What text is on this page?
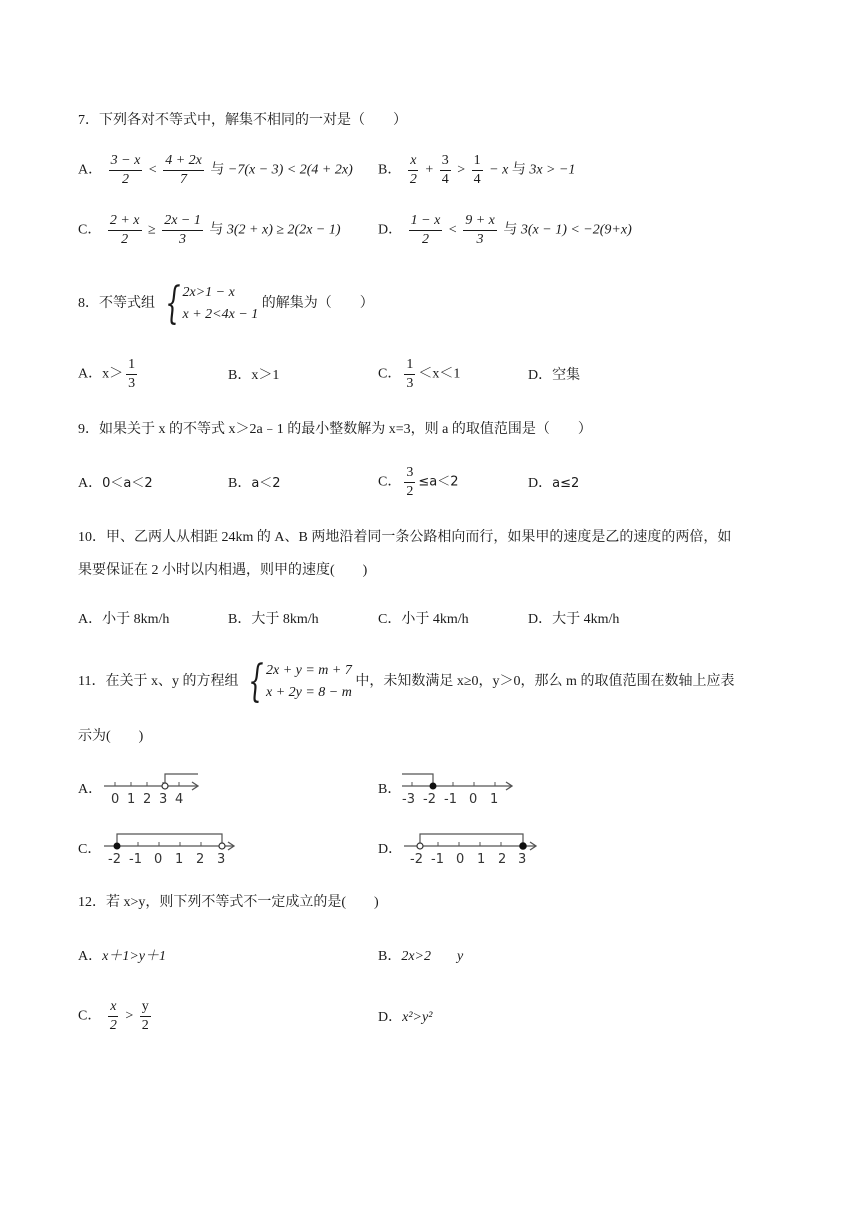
7．下列各对不等式中，解集不相同的一对是（　　）
A． $\frac{3 - x}{2} < \frac{4 + 2x}{7}$ 与 −7(x − 3) < 2(4 + 2x) B． $\frac{x}{2} + \frac{3}{4} > \frac{1}{4} - x$ 与 3x > −1
C． $\frac{2 + x}{2} \ge \frac{2x - 1}{3}$ 与 3(2 + x) ≥ 2(2x − 1)	D． $\frac{1 - x}{2} < \frac{9 + x}{3}$ 与 3(x − 1) < −2(9+x)
8．不等式组 { 2x>1 − x
x + 2<4x − 1
的解集为（　　）
A．$x> \frac{1}{3}$	B．x＞1	C． $\frac{1}{3} <x<1$	D．空集
9．如果关于 x 的不等式 x＞2a﹣1 的最小整数解为 x=3，则 a 的取值范围是（　　）
A．0＜a＜2	B．a＜2	C． $\frac{3}{2} \le a<2$	D．a≤2
10．甲、乙两人从相距 24km 的 A、B 两地沿着同一条公路相向而行，如果甲的速度是乙的速度的两倍，如
果要保证在 2 小时以内相遇，则甲的速度(　　)
A．小于 8km/h	B．大于 8km/h	C．小于 4km/h	D．大于 4km/h
11．在关于 x、y 的方程组 { 2x + y = m + 7
x + 2y = 8 − m
中，未知数满足 x≥0，y＞0，那么 m 的取值范围在数轴上应表
示为(　　)
A．
0 1 2 3 4
B．
-3 -2 -1 0 1
C．
-2 -1 0 1 2 3
D．
-2 -1 0 1 2 3
12．若 x>y，则下列不等式不一定成立的是(　　)
A．x＋1>y＋1	B．2x>2 y
C． $\frac{x}{2} > \frac{y}{2}$	D．x²>y²
